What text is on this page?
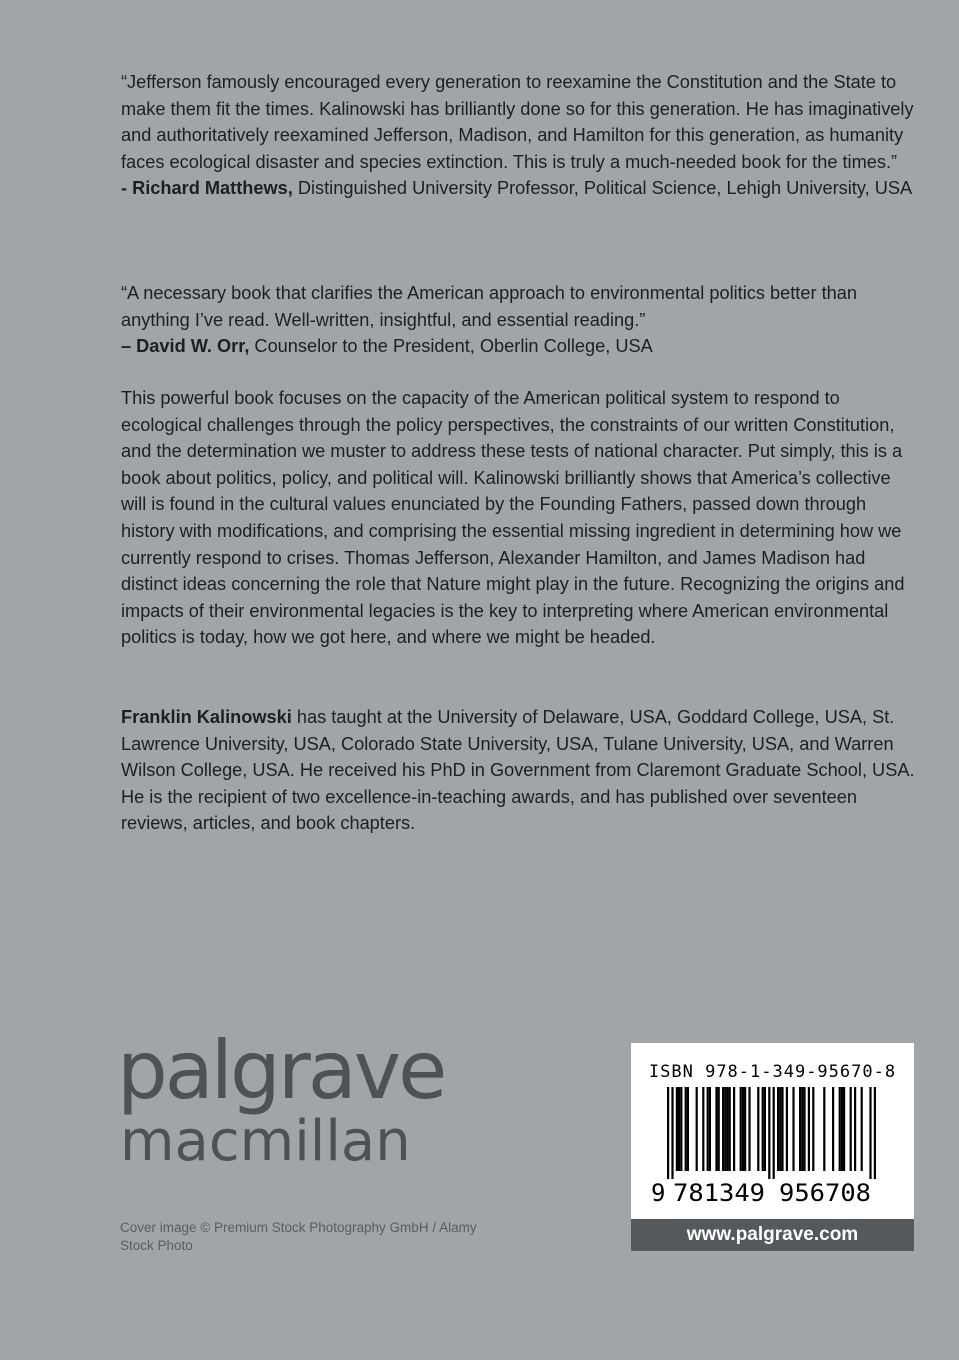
“Jefferson famously encouraged every generation to reexamine the Constitution and the State to make them fit the times. Kalinowski has brilliantly done so for this generation. He has imaginatively and authoritatively reexamined Jefferson, Madison, and Hamilton for this generation, as humanity faces ecological disaster and species extinction. This is truly a much-needed book for the times.”

- Richard Matthews, Distinguished University Professor, Political Science, Lehigh University, USA

“A necessary book that clarifies the American approach to environmental politics better than anything I’ve read. Well-written, insightful, and essential reading.”

– David W. Orr, Counselor to the President, Oberlin College, USA

This powerful book focuses on the capacity of the American political system to respond to ecological challenges through the policy perspectives, the constraints of our written Constitution, and the determination we muster to address these tests of national character. Put simply, this is a book about politics, policy, and political will. Kalinowski brilliantly shows that America’s collective will is found in the cultural values enunciated by the Founding Fathers, passed down through history with modifications, and comprising the essential missing ingredient in determining how we currently respond to crises. Thomas Jefferson, Alexander Hamilton, and James Madison had distinct ideas concerning the role that Nature might play in the future. Recognizing the origins and impacts of their environmental legacies is the key to interpreting where American environmental politics is today, how we got here, and where we might be headed.

Franklin Kalinowski has taught at the University of Delaware, USA, Goddard College, USA, St. Lawrence University, USA, Colorado State University, USA, Tulane University, USA, and Warren Wilson College, USA. He received his PhD in Government from Claremont Graduate School, USA. He is the recipient of two excellence-in-teaching awards, and has published over seventeen reviews, articles, and book chapters.

palgrave
macmillan
Cover image © Premium Stock Photography GmbH / Alamy Stock Photo
ISBN 978-1-349-95670-8
9 781349 956708
www.palgrave.com
